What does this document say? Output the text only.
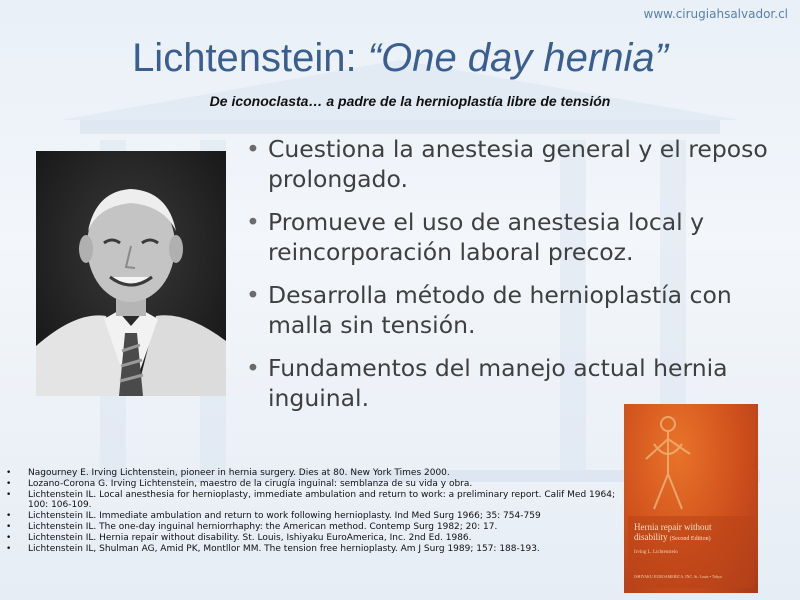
www.cirugiahsalvador.cl
Lichtenstein: “One day hernia”
De iconoclasta… a padre de la hernioplastía libre de tensión
• Cuestiona la anestesia general y el reposo prolongado.
• Promueve el uso de anestesia local y reincorporación laboral precoz.
• Desarrolla método de hernioplastía con malla sin tensión.
• Fundamentos del manejo actual hernia inguinal.
Hernia repair without disability (Second Edition)
Irving L. Lichtenstein
ISHIYAKU EUROAMERICA, INC. St. Louis • Tokyo
• Nagourney E. Irving Lichtenstein, pioneer in hernia surgery. Dies at 80. New York Times 2000.
• Lozano-Corona G. Irving Lichtenstein, maestro de la cirugía inguinal: semblanza de su vida y obra.
• Lichtenstein IL. Local anesthesia for hernioplasty, immediate ambulation and return to work: a preliminary report. Calif Med 1964; 100: 106-109.
• Lichtenstein IL. Immediate ambulation and return to work following hernioplasty. Ind Med Surg 1966; 35: 754-759
• Lichtenstein IL. The one-day inguinal herniorrhaphy: the American method. Contemp Surg 1982; 20: 17.
• Lichtenstein IL. Hernia repair without disability. St. Louis, Ishiyaku EuroAmerica, Inc. 2nd Ed. 1986.
• Lichtenstein IL, Shulman AG, Amid PK, Montllor MM. The tension free hernioplasty. Am J Surg 1989; 157: 188-193.
